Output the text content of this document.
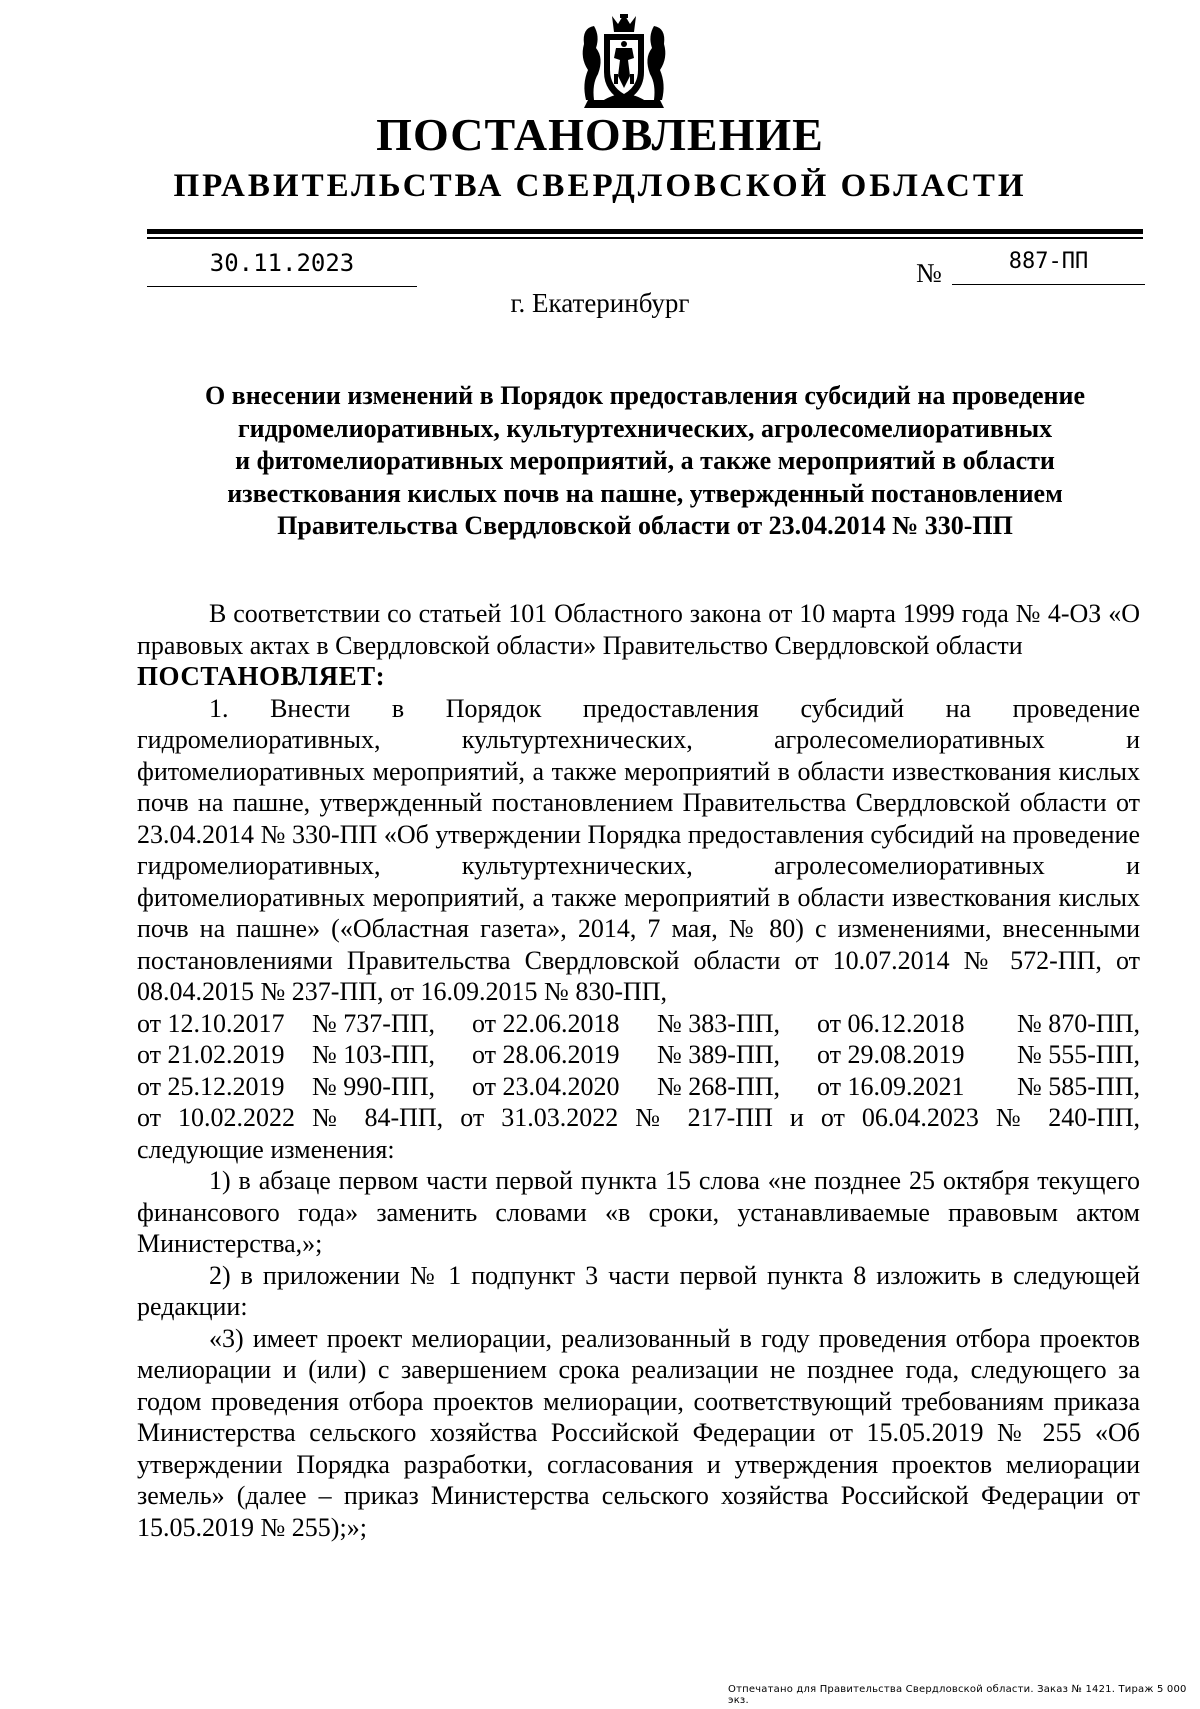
ПОСТАНОВЛЕНИЕ
ПРАВИТЕЛЬСТВА СВЕРДЛОВСКОЙ ОБЛАСТИ
30.11.2023	№	887-ПП
г. Екатеринбург
О внесении изменений в Порядок предоставления субсидий на проведение
гидромелиоративных, культуртехнических, агролесомелиоративных
и фитомелиоративных мероприятий, а также мероприятий в области
известкования кислых почв на пашне, утвержденный постановлением
Правительства Свердловской области от 23.04.2014 № 330-ПП

В соответствии со статьей 101 Областного закона от 10 марта 1999 года № 4-ОЗ «О правовых актах в Свердловской области» Правительство Свердловской области

ПОСТАНОВЛЯЕТ:

1. Внести в Порядок предоставления субсидий на проведение гидромелиоративных, культуртехнических, агролесомелиоративных и фитомелиоративных мероприятий, а также мероприятий в области известкования кислых почв на пашне, утвержденный постановлением Правительства Свердловской области от 23.04.2014 № 330-ПП «Об утверждении Порядка предоставления субсидий на проведение гидромелиоративных, культуртехнических, агролесомелиоративных и фитомелиоративных мероприятий, а также мероприятий в области известкования кислых почв на пашне» («Областная газета», 2014, 7 мая, № 80) с изменениями, внесенными постановлениями Правительства Свердловской области от 10.07.2014 № 572-ПП, от 08.04.2015 № 237-ПП, от 16.09.2015 № 830-ПП,

от 12.10.2017	№ 737-ПП,	от 22.06.2018	№ 383-ПП,	от 06.12.2018	№ 870-ПП,
от 21.02.2019	№ 103-ПП,	от 28.06.2019	№ 389-ПП,	от 29.08.2019	№ 555-ПП,
от 25.12.2019	№ 990-ПП,	от 23.04.2020	№ 268-ПП,	от 16.09.2021	№ 585-ПП,

от 10.02.2022 № 84-ПП, от 31.03.2022 № 217-ПП и от 06.04.2023 № 240-ПП,

следующие изменения:

1) в абзаце первом части первой пункта 15 слова «не позднее 25 октября текущего финансового года» заменить словами «в сроки, устанавливаемые правовым актом Министерства,»;

2) в приложении № 1 подпункт 3 части первой пункта 8 изложить в следующей редакции:

«3) имеет проект мелиорации, реализованный в году проведения отбора проектов мелиорации и (или) с завершением срока реализации не позднее года, следующего за годом проведения отбора проектов мелиорации, соответствующий требованиям приказа Министерства сельского хозяйства Российской Федерации от 15.05.2019 № 255 «Об утверждении Порядка разработки, согласования и утверждения проектов мелиорации земель» (далее – приказ Министерства сельского хозяйства Российской Федерации от 15.05.2019 № 255);»;

Отпечатано для Правительства Свердловской области. Заказ № 1421. Тираж 5 000 экз.
